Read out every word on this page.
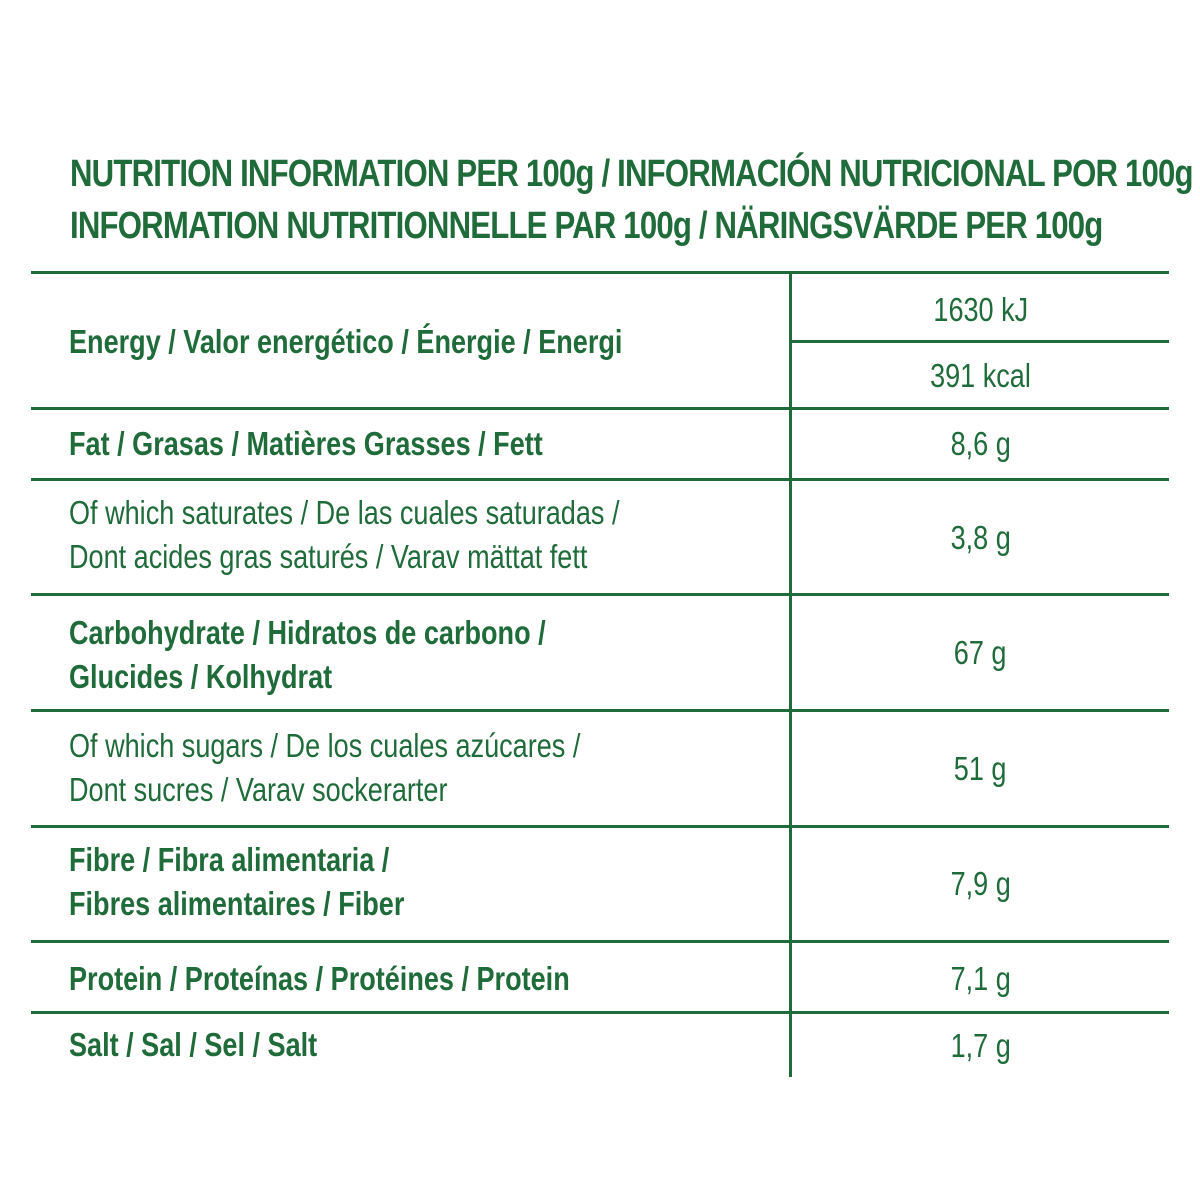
NUTRITION INFORMATION PER 100g / INFORMACIÓN NUTRICIONAL POR 100g
INFORMATION NUTRITIONNELLE PAR 100g / NÄRINGSVÄRDE PER 100g
Energy / Valor energético / Énergie / Energi
1630 kJ
391 kcal
Fat / Grasas / Matières Grasses / Fett	8,6 g
Of which saturates / De las cuales saturadas /
Dont acides gras saturés / Varav mättat fett
3,8 g
Carbohydrate / Hidratos de carbono /
Glucides / Kolhydrat
67 g
Of which sugars / De los cuales azúcares /
Dont sucres / Varav sockerarter
51 g
Fibre / Fibra alimentaria /
Fibres alimentaires / Fiber
7,9 g
Protein / Proteínas / Protéines / Protein	7,1 g
Salt / Sal / Sel / Salt	1,7 g
